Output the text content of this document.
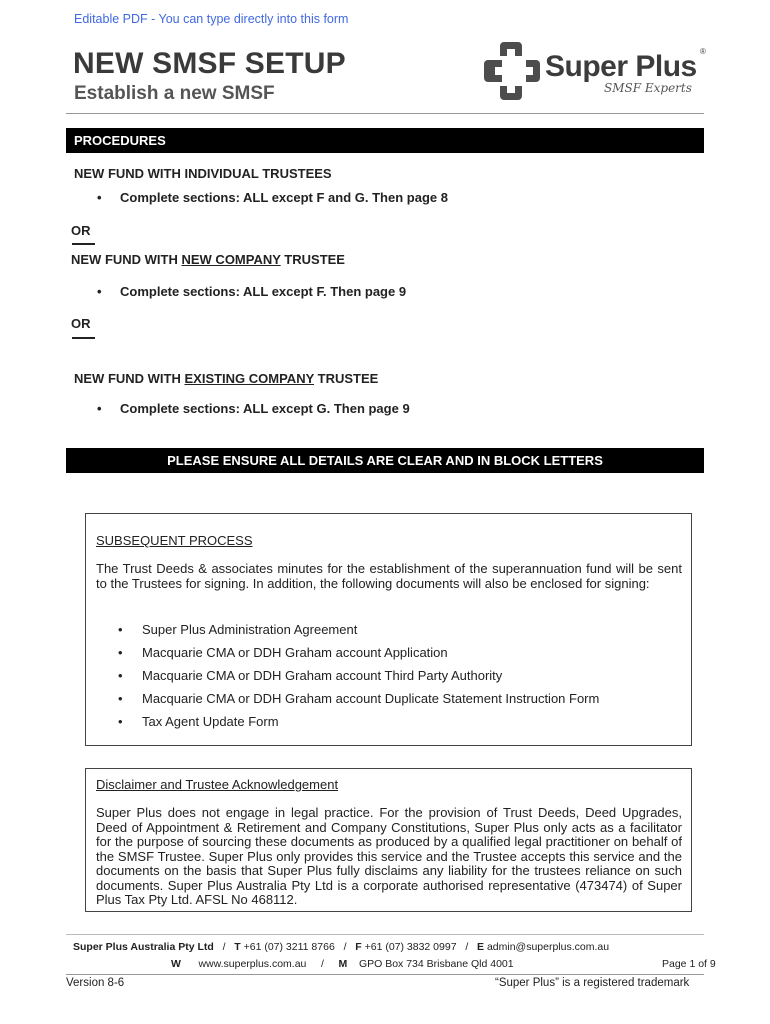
Editable PDF - You can type directly into this form
NEW SMSF SETUP
Establish a new SMSF
Super Plus ®
SMSF Experts
PROCEDURES
NEW FUND WITH INDIVIDUAL TRUSTEES
• Complete sections: ALL except F and G. Then page 8
OR
NEW FUND WITH NEW COMPANY TRUSTEE
• Complete sections: ALL except F. Then page 9
OR
NEW FUND WITH EXISTING COMPANY TRUSTEE
• Complete sections: ALL except G. Then page 9
PLEASE ENSURE ALL DETAILS ARE CLEAR AND IN BLOCK LETTERS
SUBSEQUENT PROCESS
The Trust Deeds & associates minutes for the establishment of the superannuation fund will be sent to the Trustees for signing. In addition, the following documents will also be enclosed for signing:
• Super Plus Administration Agreement
• Macquarie CMA or DDH Graham account Application
• Macquarie CMA or DDH Graham account Third Party Authority
• Macquarie CMA or DDH Graham account Duplicate Statement Instruction Form
• Tax Agent Update Form
Disclaimer and Trustee Acknowledgement
Super Plus does not engage in legal practice. For the provision of Trust Deeds, Deed Upgrades, Deed of Appointment & Retirement and Company Constitutions, Super Plus only acts as a facilitator for the purpose of sourcing these documents as produced by a qualified legal practitioner on behalf of the SMSF Trustee. Super Plus only provides this service and the Trustee accepts this service and the documents on the basis that Super Plus fully disclaims any liability for the trustees reliance on such documents. Super Plus Australia Pty Ltd is a corporate authorised representative (473474) of Super Plus Tax Pty Ltd. AFSL No 468112.
Super Plus Australia Pty Ltd / T +61 (07) 3211 8766 / F +61 (07) 3832 0997 / E admin@superplus.com.au
W www.superplus.com.au / M GPO Box 734 Brisbane Qld 4001	Page 1 of 9
Version 8-6	“Super Plus” is a registered trademark
